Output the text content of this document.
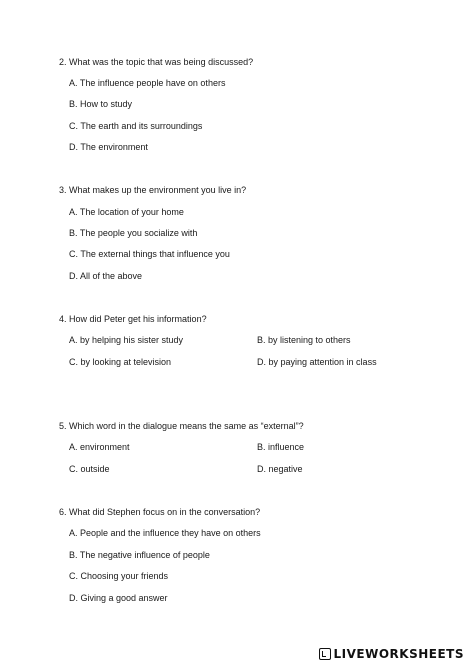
2. What was the topic that was being discussed?
A. The influence people have on others
B. How to study
C. The earth and its surroundings
D. The environment
3. What makes up the environment you live in?
A. The location of your home
B. The people you socialize with
C. The external things that influence you
D. All of the above
4. How did Peter get his information?
A. by helping his sister study	B. by listening to others
C. by looking at television	D. by paying attention in class
5. Which word in the dialogue means the same as “external”?
A. environment	B. influence
C. outside	D. negative
6. What did Stephen focus on in the conversation?
A. People and the influence they have on others
B. The negative influence of people
C. Choosing your friends
D. Giving a good answer
LIVEWORKSHEETS
